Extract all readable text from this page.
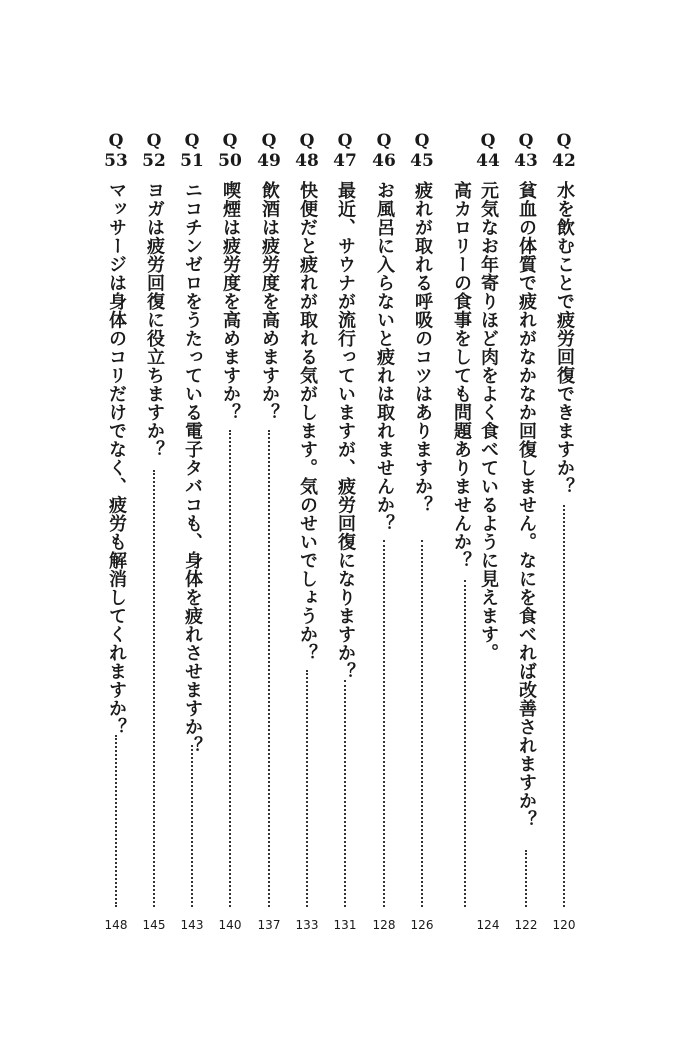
Q
42
水を飲むことで疲労回復できますか？
120
Q
43
貧血の体質で疲れがなかなか回復しません。なにを食べれば改善されますか？
122
Q
44
元気なお年寄りほど肉をよく食べているように見えます。
124
高カロリーの食事をしても問題ありませんか？
Q
45
疲れが取れる呼吸のコツはありますか？
126
Q
46
お風呂に入らないと疲れは取れませんか？
128
Q
47
最近、サウナが流行っていますが、疲労回復になりますか？
131
Q
48
快便だと疲れが取れる気がします。気のせいでしょうか？
133
Q
49
飲酒は疲労度を高めますか？
137
Q
50
喫煙は疲労度を高めますか？
140
Q
51
ニコチンゼロをうたっている電子タバコも、身体を疲れさせますか？
143
Q
52
ヨガは疲労回復に役立ちますか？
145
Q
53
マッサージは身体のコリだけでなく、疲労も解消してくれますか？
148
